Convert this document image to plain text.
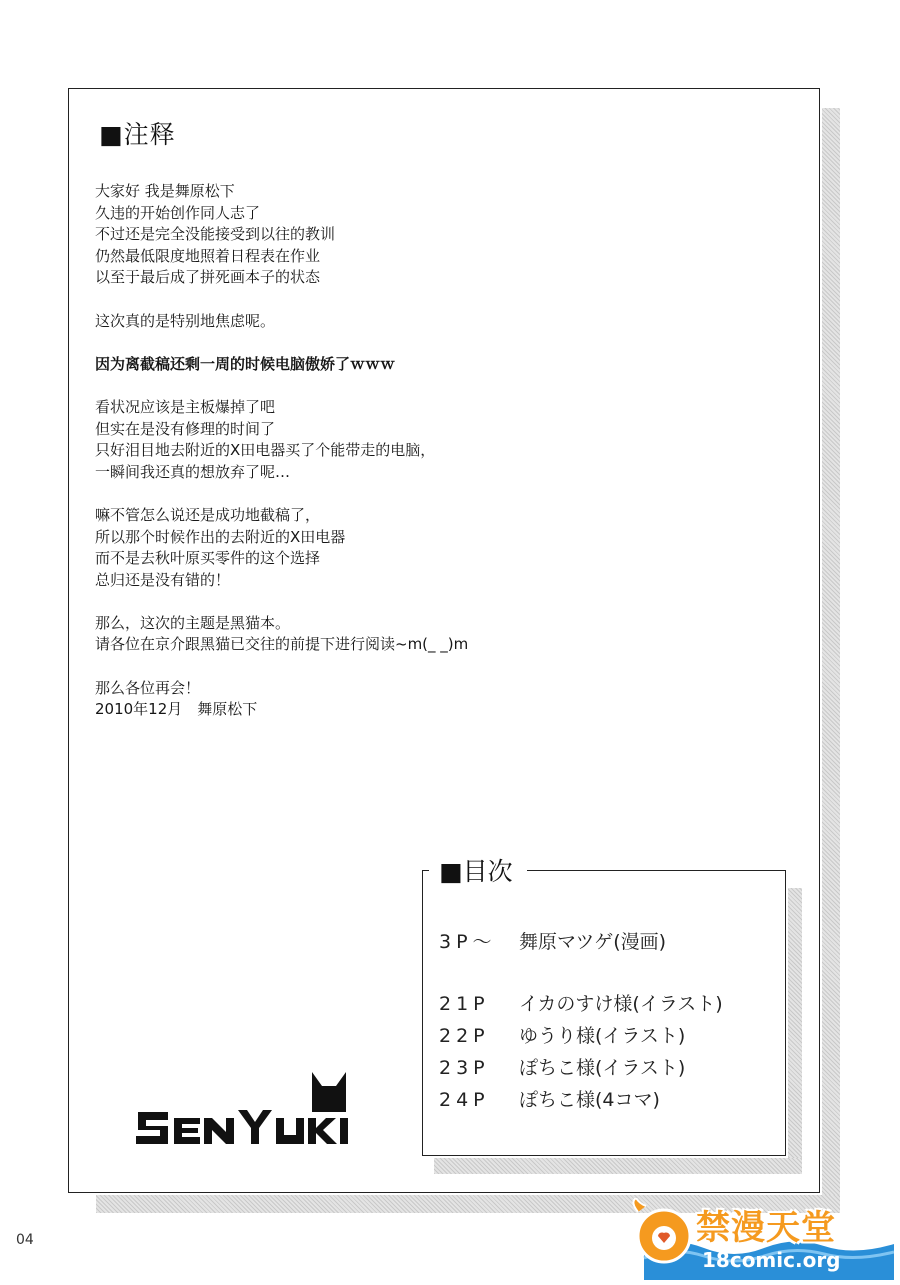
■注释
大家好 我是舞原松下
久违的开始创作同人志了
不过还是完全没能接受到以往的教训
仍然最低限度地照着日程表在作业
以至于最后成了拼死画本子的状态
这次真的是特别地焦虑呢。
因为离截稿还剩一周的时候电脑傲娇了ｗｗｗ
看状况应该是主板爆掉了吧
但实在是没有修理的时间了
只好泪目地去附近的X田电器买了个能带走的电脑，
一瞬间我还真的想放弃了呢…
嘛不管怎么说还是成功地截稿了，
所以那个时候作出的去附近的X田电器
而不是去秋叶原买零件的这个选择
总归还是没有错的！
那么，这次的主题是黑猫本。
请各位在京介跟黑猫已交往的前提下进行阅读~m(_ _)m
那么各位再会！
2010年12月　舞原松下
3P～ 舞原マツゲ(漫画)
21P イカのすけ様(イラスト)
22P ゆうり様(イラスト)
23P ぽちこ様(イラスト)
24P ぽちこ様(4コマ)
■目次
04	禁漫天堂
18comic.org
